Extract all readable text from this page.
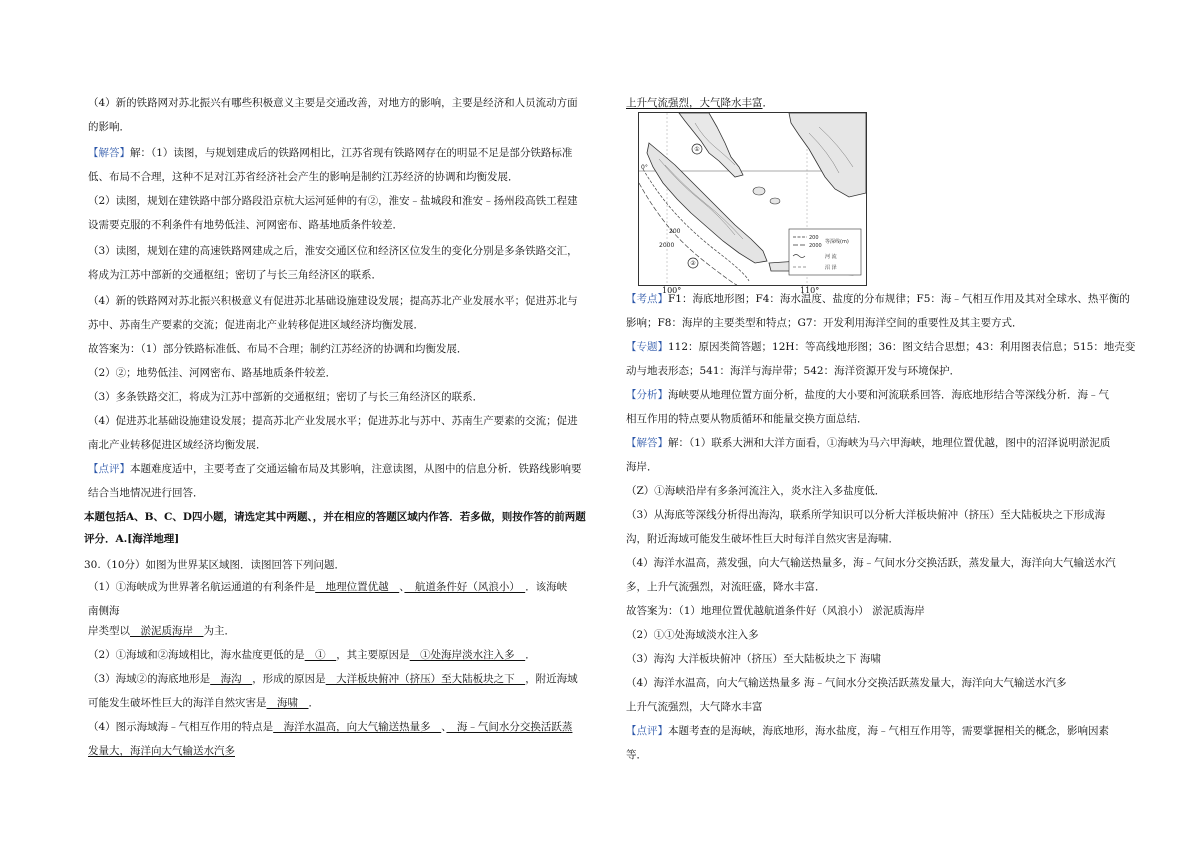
（4）新的铁路网对苏北振兴有哪些积极意义主要是交通改善，对地方的影响，主要是经济和人员流动方面
的影响．
【解答】解：（1）读图，与规划建成后的铁路网相比，江苏省现有铁路网存在的明显不足是部分铁路标准
低、布局不合理，这种不足对江苏省经济社会产生的影响是制约江苏经济的协调和均衡发展．
（2）读图，规划在建铁路中部分路段沿京杭大运河延伸的有②，淮安﹣盐城段和淮安﹣扬州段高铁工程建
设需要克服的不利条件有地势低洼、河网密布、路基地质条件较差．
（3）读图，规划在建的高速铁路网建成之后，淮安交通区位和经济区位发生的变化分别是多条铁路交汇，
将成为江苏中部新的交通枢纽；密切了与长三角经济区的联系．
（4）新的铁路网对苏北振兴积极意义有促进苏北基础设施建设发展；提高苏北产业发展水平；促进苏北与
苏中、苏南生产要素的交流；促进南北产业转移促进区域经济均衡发展．
故答案为：（1）部分铁路标准低、布局不合理；制约江苏经济的协调和均衡发展．
（2）②；地势低洼、河网密布、路基地质条件较差．
（3）多条铁路交汇，将成为江苏中部新的交通枢纽；密切了与长三角经济区的联系．
（4）促进苏北基础设施建设发展；提高苏北产业发展水平；促进苏北与苏中、苏南生产要素的交流；促进
南北产业转移促进区域经济均衡发展．
【点评】本题难度适中，主要考查了交通运输布局及其影响，注意读图，从图中的信息分析．铁路线影响要
结合当地情况进行回答．
本题包括A、B、C、D四小题，请选定其中两题、，并在相应的答题区域内作答．若多做，则按作答的前两题
评分．A.[海洋地理]
30.（10分）如图为世界某区域图．读图回答下列问题．
（1）①海峡成为世界著名航运通道的有利条件是　地理位置优越　、　航道条件好（风浪小）　．该海峡
南侧海
岸类型以　淤泥质海岸　为主．
（2）①海域和②海域相比，海水盐度更低的是　①　，其主要原因是　①处海岸淡水注入多　．
（3）海域②的海底地形是　海沟　，形成的原因是　大洋板块俯冲（挤压）至大陆板块之下　，附近海域
可能发生破坏性巨大的海洋自然灾害是　海啸　．
（4）图示海域海﹣气相互作用的特点是　海洋水温高，向大气输送热量多　、　海﹣气间水分交换活跃蒸
发量大，海洋向大气输送水汽多
上升气流强烈，大气降水丰富．
200
2000
①
②
0°
200
2000
等深线(m)
河 流
沼 泽
100°	110°
【考点】F1：海底地形图；F4：海水温度、盐度的分布规律；F5：海﹣气相互作用及其对全球水、热平衡的
影响；F8：海岸的主要类型和特点；G7：开发利用海洋空间的重要性及其主要方式．
【专题】112：原因类简答题；12H：等高线地形图；36：图文结合思想；43：利用图表信息；515：地壳变
动与地表形态；541：海洋与海岸带；542：海洋资源开发与环境保护．
【分析】海峡要从地理位置方面分析，盐度的大小要和河流联系回答．海底地形结合等深线分析．海﹣气
相互作用的特点要从物质循环和能量交换方面总结．
【解答】解：（1）联系大洲和大洋方面看，①海峡为马六甲海峡，地理位置优越，图中的沼泽说明淤泥质
海岸．
（Z）①海峡沿岸有多条河流注入，炎水注入多盐度低．
（3）从海底等深线分析得出海沟，联系所学知识可以分析大洋板块俯冲（挤压）至大陆板块之下形成海
沟，附近海域可能发生破坏性巨大时每洋自然灾害是海啸．
（4）海洋水温高，蒸发强，向大气输送热量多，海﹣气间水分交换活跃，蒸发量大，海洋向大气输送水汽
多，上升气流强烈，对流旺盛，降水丰富．
故答案为：（1）地理位置优越航道条件好（风浪小） 淤泥质海岸
（2）①①处海域淡水注入多
（3）海沟 大洋板块俯冲（挤压）至大陆板块之下 海啸
（4）海洋水温高，向大气输送热量多 海﹣气间水分交换活跃蒸发量大，海洋向大气输送水汽多
上升气流强烈，大气降水丰富
【点评】本题考查的是海峡，海底地形，海水盐度，海﹣气相互作用等，需要掌握相关的概念，影响因素
等．
